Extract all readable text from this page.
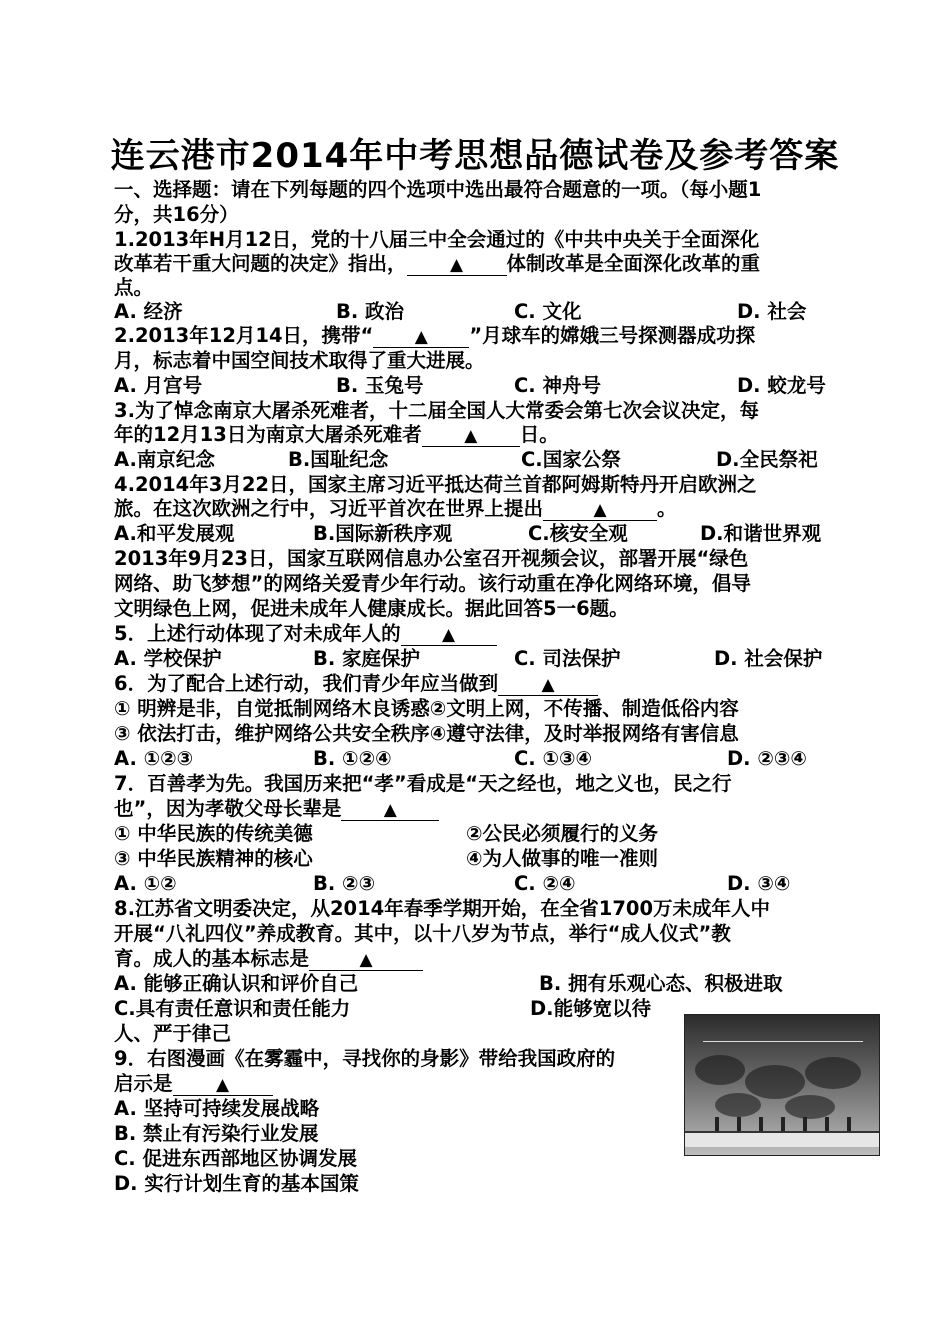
连云港市2014年中考思想品德试卷及参考答案
一、选择题：请在下列每题的四个选项中选出最符合题意的一项。（每小题1
分，共16分）
1.2013年H月12日，党的十八届三中全会通过的《中共中央关于全面深化
改革若干重大问题的决定》指出，	▲ 体制改革是全面深化改革的重
点。
A. 经济	B. 政治	C. 文化	D. 社会
2.2013年12月14日，携带“ ▲ ”月球车的嫦娥三号探测器成功探
月，标志着中国空间技术取得了重大进展。
A. 月宫号	B. 玉兔号	C. 神舟号	D. 蛟龙号
3.为了悼念南京大屠杀死难者，十二届全国人大常委会第七次会议决定，每
年的12月13日为南京大屠杀死难者 ▲ 日。
A.南京纪念	B.国耻纪念	C.国家公祭	D.全民祭祀
4.2014年3月22日，国家主席习近平抵达荷兰首都阿姆斯特丹开启欧洲之
旅。在这次欧洲之行中，习近平首次在世界上提出	▲	。
A.和平发展观	B.国际新秩序观	C.核安全观	D.和谐世界观
2013年9月23日，国家互联网信息办公室召开视频会议，部署开展“绿色
网络、助飞梦想”的网络关爱青少年行动。该行动重在净化网络环境，倡导
文明绿色上网，促进未成年人健康成长。据此回答5一6题。
5．上述行动体现了对未成年人的 ▲
A. 学校保护	B. 家庭保护	C. 司法保护	D. 社会保护
6．为了配合上述行动，我们青少年应当做到	▲
① 明辨是非，自觉抵制网络木良诱惑②文明上网，不传播、制造低俗内容
③ 依法打击，维护网络公共安全秩序④遵守法律，及时举报网络有害信息
A. ①②③	B. ①②④	C. ①③④	D. ②③④
7．百善孝为先。我国历来把“孝”看成是“天之经也，地之义也，民之行
也”，因为孝敬父母长辈是 ▲
① 中华民族的传统美德	②公民必须履行的义务
③ 中华民族精神的核心	④为人做事的唯一准则
A. ①②	B. ②③	C. ②④	D. ③④
8.江苏省文明委决定，从2014年春季学期开始，在全省1700万未成年人中
开展“八礼四仪”养成教育。其中，以十八岁为节点，举行“成人仪式”教
育。成人的基本标志是	▲
A. 能够正确认识和评价自己	B. 拥有乐观心态、积极进取
C.具有责任意识和责任能力	D.能够宽以待
人、严于律己
9．右图漫画《在雾霾中，寻找你的身影》带给我国政府的
启示是	▲
A. 坚持可持续发展战略
B. 禁止有污染行业发展
C. 促进东西部地区协调发展
D. 实行计划生育的基本国策
